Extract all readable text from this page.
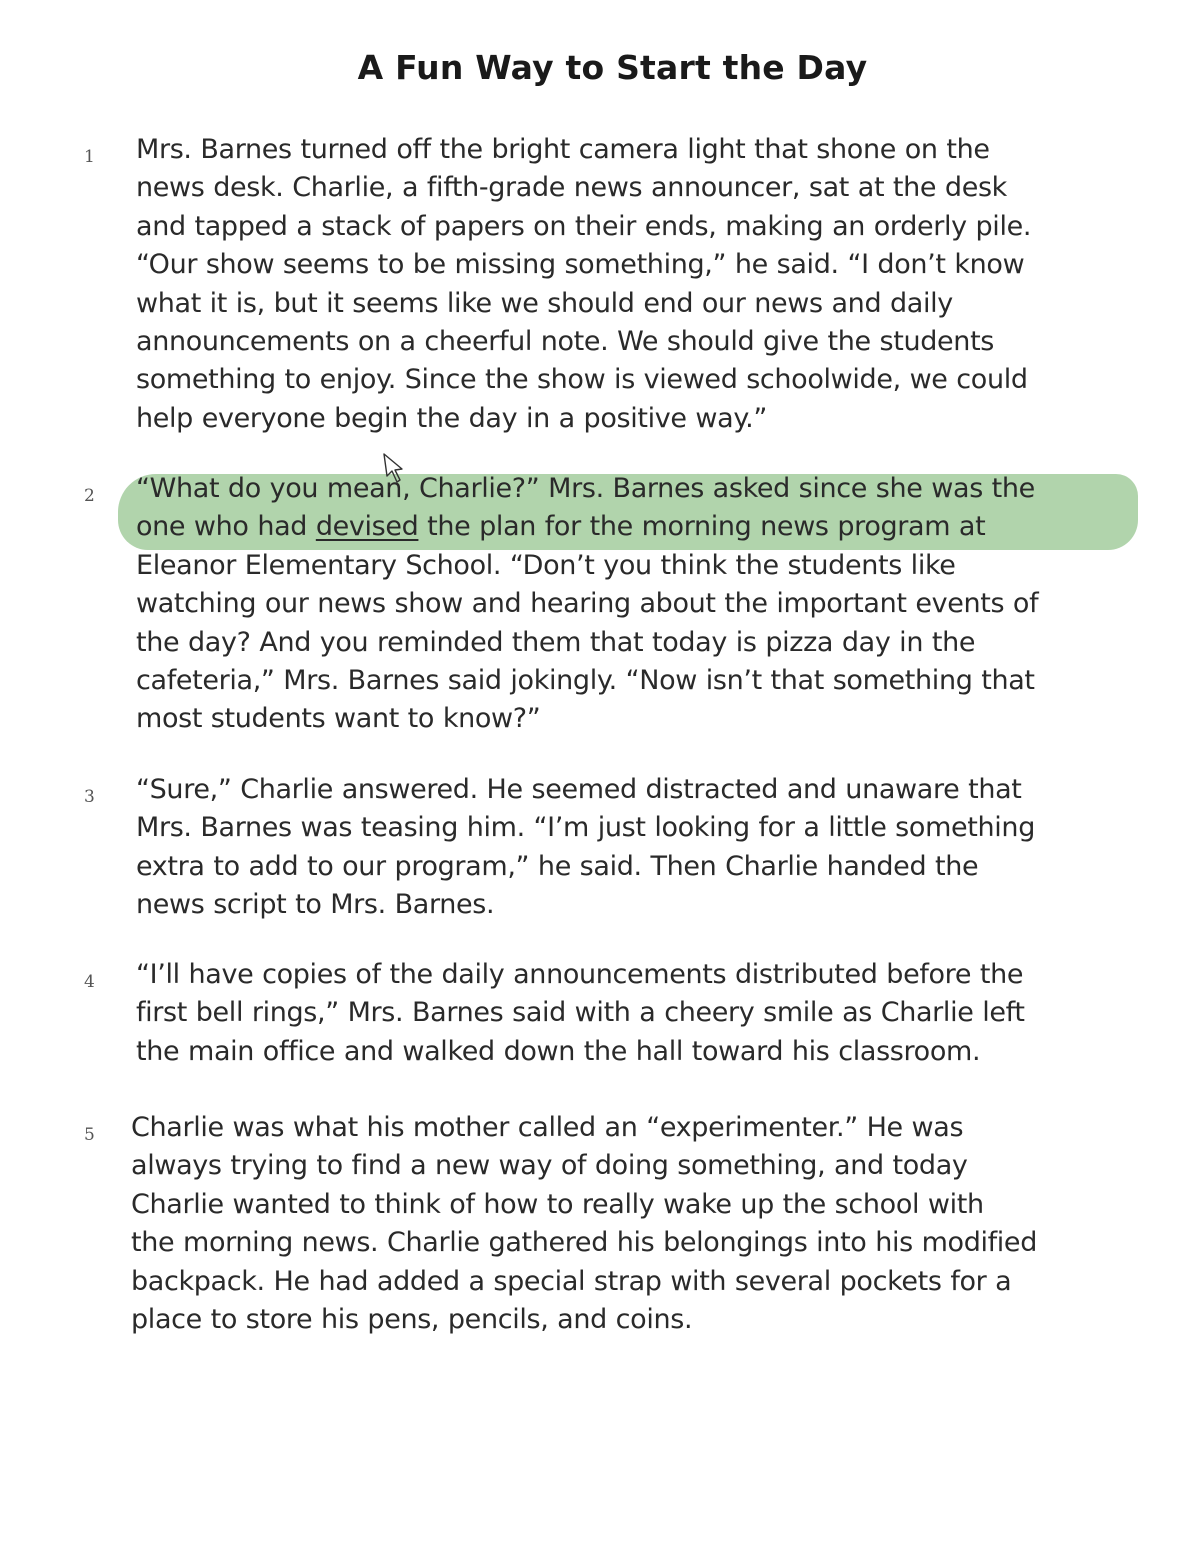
A Fun Way to Start the Day
1	Mrs. Barnes turned off the bright camera light that shone on the
news desk. Charlie, a fifth-grade news announcer, sat at the desk
and tapped a stack of papers on their ends, making an orderly pile.
“Our show seems to be missing something,” he said. “I don’t know
what it is, but it seems like we should end our news and daily
announcements on a cheerful note. We should give the students
something to enjoy. Since the show is viewed schoolwide, we could
help everyone begin the day in a positive way.”
2	“What do you mean, Charlie?” Mrs. Barnes asked since she was the
one who had devised the plan for the morning news program at
Eleanor Elementary School. “Don’t you think the students like
watching our news show and hearing about the important events of
the day? And you reminded them that today is pizza day in the
cafeteria,” Mrs. Barnes said jokingly. “Now isn’t that something that
most students want to know?”
3	“Sure,” Charlie answered. He seemed distracted and unaware that
Mrs. Barnes was teasing him. “I’m just looking for a little something
extra to add to our program,” he said. Then Charlie handed the
news script to Mrs. Barnes.
4	“I’ll have copies of the daily announcements distributed before the
first bell rings,” Mrs. Barnes said with a cheery smile as Charlie left
the main office and walked down the hall toward his classroom.
5	Charlie was what his mother called an “experimenter.” He was
always trying to find a new way of doing something, and today
Charlie wanted to think of how to really wake up the school with
the morning news. Charlie gathered his belongings into his modified
backpack. He had added a special strap with several pockets for a
place to store his pens, pencils, and coins.
